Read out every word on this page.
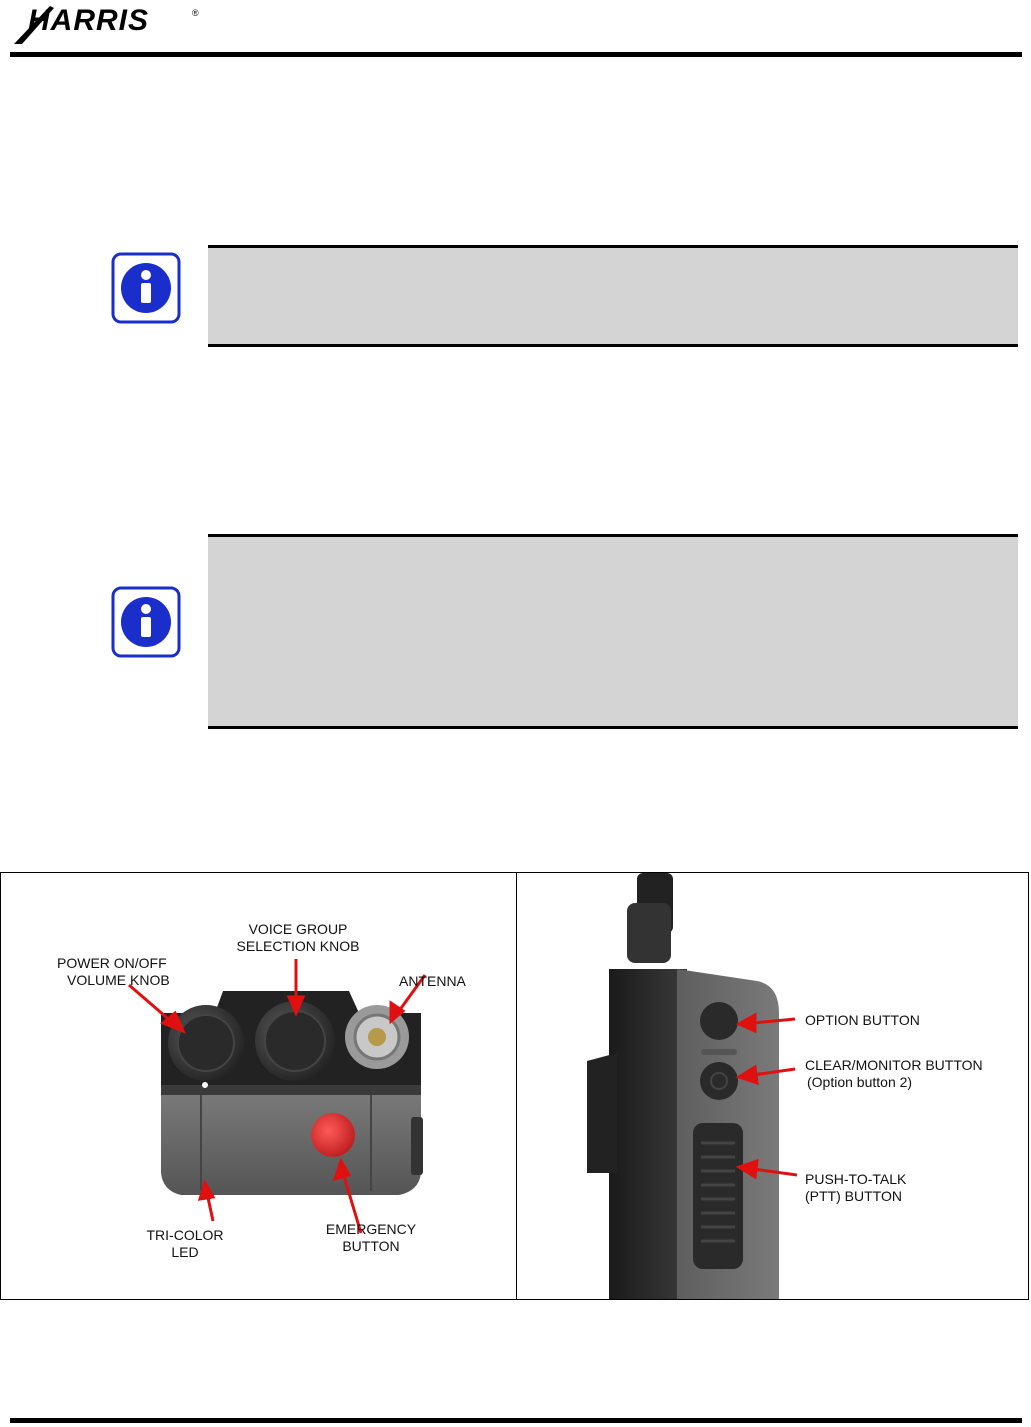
HARRIS	®
VOICE GROUP
SELECTION KNOB
POWER ON/OFF
VOLUME KNOB	ANTENNA
TRI-COLOR
LED
EMERGENCY
BUTTON
OPTION BUTTON
CLEAR/MONITOR BUTTON
(Option button 2)
PUSH-TO-TALK
(PTT) BUTTON
